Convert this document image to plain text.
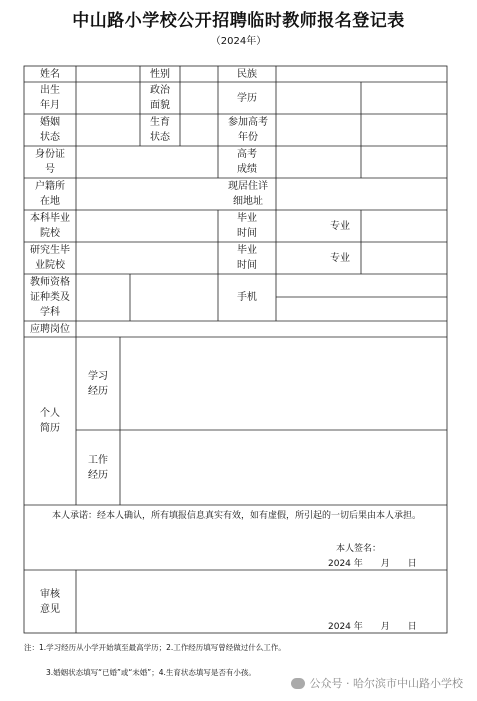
中山路小学校公开招聘临时教师报名登记表
（2024年）
姓名	性别	民族
出生年月
政治面貌
学历
婚姻状态
生育状态
参加高考年份
身份证号
高考成绩
户籍所在地
现居住详细地址
本科毕业院校
毕业时间
专业
研究生毕业院校
毕业时间
专业
教师资格证种类及学科
手机
应聘岗位
个人简历
学习经历
工作经历
本人承诺：经本人确认，所有填报信息真实有效，如有虚假，所引起的一切后果由本人承担。
本人签名：
2024 年　　月　　日
审核意见
2024 年　　月　　日
注：1.学习经历从小学开始填至最高学历；2.工作经历填写曾经做过什么工作。
3.婚姻状态填写“已婚”或“未婚”；4.生育状态填写是否有小孩。
公众号 · 哈尔滨市中山路小学校
